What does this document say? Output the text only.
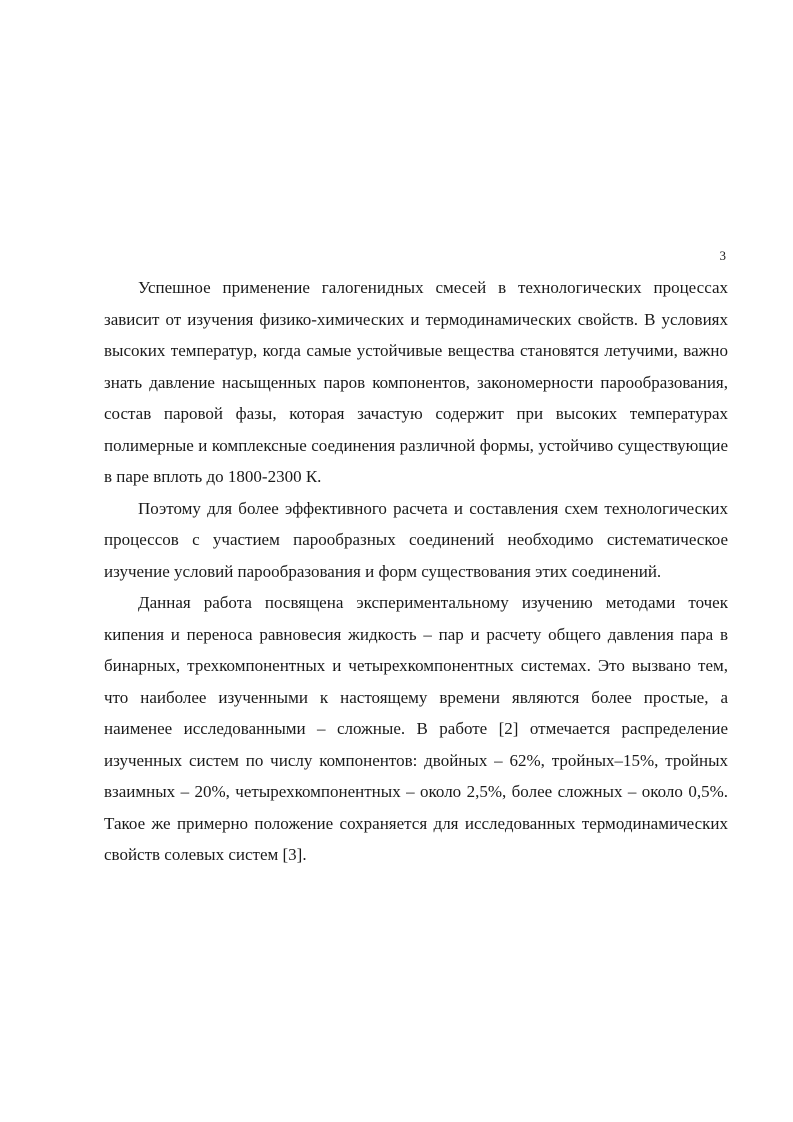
3

Успешное применение галогенидных смесей в технологических процессах зависит от изучения физико-химических и термодинамических свойств. В условиях высоких температур, когда самые устойчивые вещества становятся летучими, важно знать давление насыщенных паров компонентов, закономерности парообразования, состав паровой фазы, которая зачастую содержит при высоких температурах полимерные и комплексные соединения различной формы, устойчиво существующие в паре вплоть до 1800-2300 К.

Поэтому для более эффективного расчета и составления схем технологических процессов с участием парообразных соединений необходимо систематическое изучение условий парообразования и форм существования этих соединений.

Данная работа посвящена экспериментальному изучению методами точек кипения и переноса равновесия жидкость – пар и расчету общего давления пара в бинарных, трехкомпонентных и четырехкомпонентных системах. Это вызвано тем, что наиболее изученными к настоящему времени являются более простые, а наименее исследованными – сложные. В работе [2] отмечается распределение изученных систем по числу компонентов: двойных – 62%, тройных–15%, тройных взаимных – 20%, четырехкомпонентных – около 2,5%, более сложных – около 0,5%. Такое же примерно положение сохраняется для исследованных термодинамических свойств солевых систем [3].
